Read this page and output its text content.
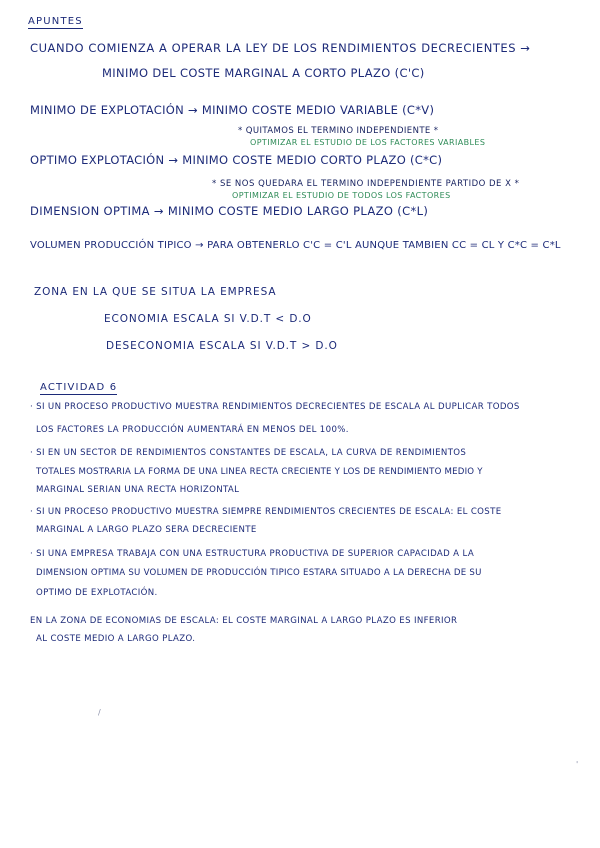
APUNTES
CUANDO COMIENZA A OPERAR LA LEY DE LOS RENDIMIENTOS DECRECIENTES →
MINIMO DEL COSTE MARGINAL A CORTO PLAZO (C'C)
MINIMO DE EXPLOTACIÓN → MINIMO COSTE MEDIO VARIABLE (C*V)
* QUITAMOS EL TERMINO INDEPENDIENTE *
OPTIMIZAR EL ESTUDIO DE LOS FACTORES VARIABLES
OPTIMO EXPLOTACIÓN → MINIMO COSTE MEDIO CORTO PLAZO (C*C)
* SE NOS QUEDARA EL TERMINO INDEPENDIENTE PARTIDO DE X *
OPTIMIZAR EL ESTUDIO DE TODOS LOS FACTORES
DIMENSION OPTIMA → MINIMO COSTE MEDIO LARGO PLAZO (C*L)
VOLUMEN PRODUCCIÓN TIPICO → PARA OBTENERLO C'C = C'L AUNQUE TAMBIEN CC = CL Y C*C = C*L
ZONA EN LA QUE SE SITUA LA EMPRESA
ECONOMIA ESCALA SI V.D.T < D.O
DESECONOMIA ESCALA SI V.D.T > D.O
ACTIVIDAD 6
· SI UN PROCESO PRODUCTIVO MUESTRA RENDIMIENTOS DECRECIENTES DE ESCALA AL DUPLICAR TODOS
LOS FACTORES LA PRODUCCIÓN AUMENTARÁ EN MENOS DEL 100%.
· SI EN UN SECTOR DE RENDIMIENTOS CONSTANTES DE ESCALA, LA CURVA DE RENDIMIENTOS
TOTALES MOSTRARIA LA FORMA DE UNA LINEA RECTA CRECIENTE Y LOS DE RENDIMIENTO MEDIO Y
MARGINAL SERIAN UNA RECTA HORIZONTAL
· SI UN PROCESO PRODUCTIVO MUESTRA SIEMPRE RENDIMIENTOS CRECIENTES DE ESCALA: EL COSTE
MARGINAL A LARGO PLAZO SERA DECRECIENTE
· SI UNA EMPRESA TRABAJA CON UNA ESTRUCTURA PRODUCTIVA DE SUPERIOR CAPACIDAD A LA
DIMENSION OPTIMA SU VOLUMEN DE PRODUCCIÓN TIPICO ESTARA SITUADO A LA DERECHA DE SU
OPTIMO DE EXPLOTACIÓN.
EN LA ZONA DE ECONOMIAS DE ESCALA: EL COSTE MARGINAL A LARGO PLAZO ES INFERIOR
AL COSTE MEDIO A LARGO PLAZO.
/
'
